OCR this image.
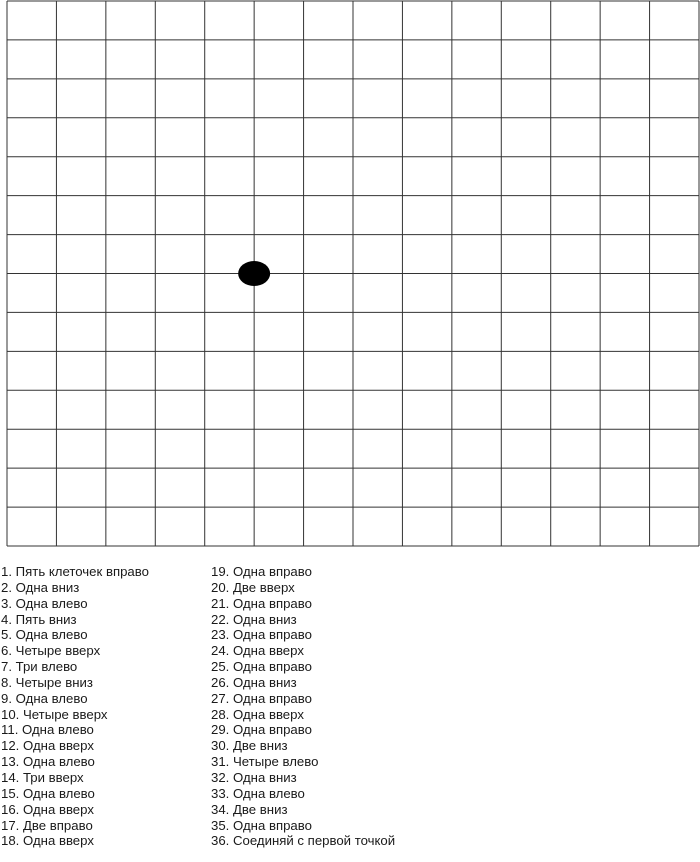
1. Пять клеточек вправо
2. Одна вниз
3. Одна влево
4. Пять вниз
5. Одна влево
6. Четыре вверх
7. Три влево
8. Четыре вниз
9. Одна влево
10. Четыре вверх
11. Одна влево
12. Одна вверх
13. Одна влево
14. Три вверх
15. Одна влево
16. Одна вверх
17. Две вправо
18. Одна вверх
19. Одна вправо
20. Две вверх
21. Одна вправо
22. Одна вниз
23. Одна вправо
24. Одна вверх
25. Одна вправо
26. Одна вниз
27. Одна вправо
28. Одна вверх
29. Одна вправо
30. Две вниз
31. Четыре влево
32. Одна вниз
33. Одна влево
34. Две вниз
35. Одна вправо
36. Соединяй с первой точкой
